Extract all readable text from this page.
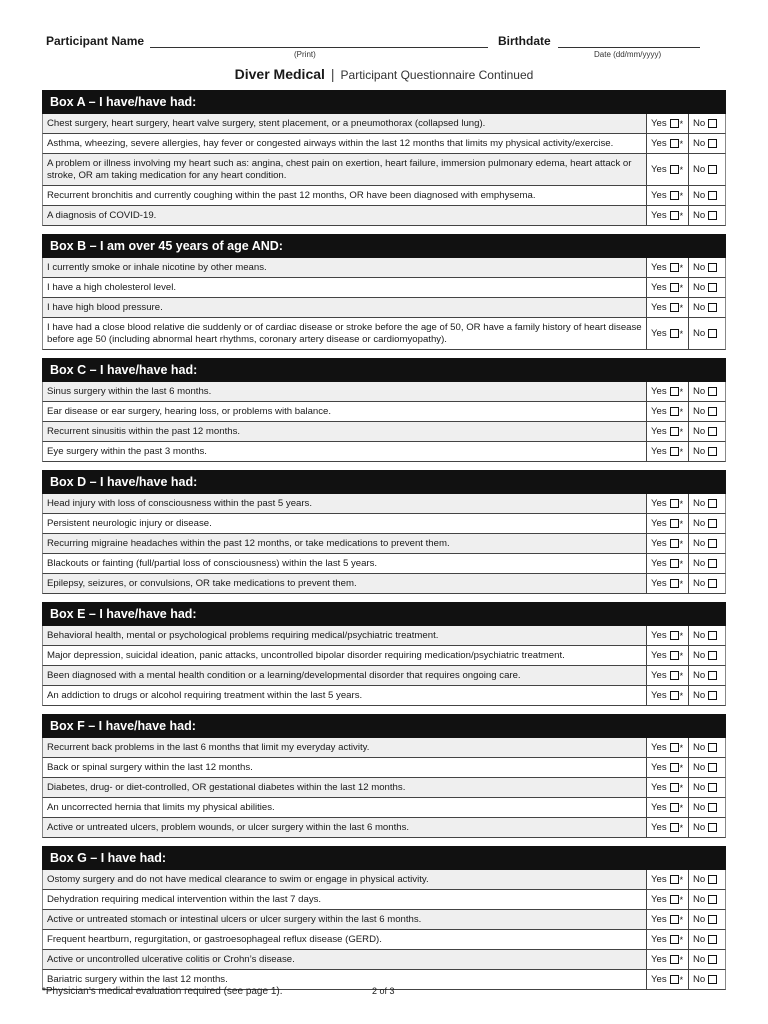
Participant Name
(Print)
Birthdate
Date (dd/mm/yyyy)
Diver Medical | Participant Questionnaire Continued
Box A – I have/have had:
Chest surgery, heart surgery, heart valve surgery, stent placement, or a pneumothorax (collapsed lung).	Yes * No
Asthma, wheezing, severe allergies, hay fever or congested airways within the last 12 months that limits my physical activity/exercise.	Yes * No
A problem or illness involving my heart such as: angina, chest pain on exertion, heart failure, immersion pulmonary edema, heart attack or stroke, OR am taking medication for any heart condition.	Yes * No
Recurrent bronchitis and currently coughing within the past 12 months, OR have been diagnosed with emphysema.	Yes * No
A diagnosis of COVID-19.	Yes * No
Box B – I am over 45 years of age AND:
I currently smoke or inhale nicotine by other means.	Yes * No
I have a high cholesterol level.	Yes * No
I have high blood pressure.	Yes * No
I have had a close blood relative die suddenly or of cardiac disease or stroke before the age of 50, OR have a family history of heart disease before age 50 (including abnormal heart rhythms, coronary artery disease or cardiomyopathy).	Yes * No
Box C – I have/have had:
Sinus surgery within the last 6 months.	Yes * No
Ear disease or ear surgery, hearing loss, or problems with balance.	Yes * No
Recurrent sinusitis within the past 12 months.	Yes * No
Eye surgery within the past 3 months.	Yes * No
Box D – I have/have had:
Head injury with loss of consciousness within the past 5 years.	Yes * No
Persistent neurologic injury or disease.	Yes * No
Recurring migraine headaches within the past 12 months, or take medications to prevent them.	Yes * No
Blackouts or fainting (full/partial loss of consciousness) within the last 5 years.	Yes * No
Epilepsy, seizures, or convulsions, OR take medications to prevent them.	Yes * No
Box E – I have/have had:
Behavioral health, mental or psychological problems requiring medical/psychiatric treatment.	Yes * No
Major depression, suicidal ideation, panic attacks, uncontrolled bipolar disorder requiring medication/psychiatric treatment.	Yes * No
Been diagnosed with a mental health condition or a learning/developmental disorder that requires ongoing care.	Yes * No
An addiction to drugs or alcohol requiring treatment within the last 5 years.	Yes * No
Box F – I have/have had:
Recurrent back problems in the last 6 months that limit my everyday activity.	Yes * No
Back or spinal surgery within the last 12 months.	Yes * No
Diabetes, drug- or diet-controlled, OR gestational diabetes within the last 12 months.	Yes * No
An uncorrected hernia that limits my physical abilities.	Yes * No
Active or untreated ulcers, problem wounds, or ulcer surgery within the last 6 months.	Yes * No
Box G – I have had:
Ostomy surgery and do not have medical clearance to swim or engage in physical activity.	Yes * No
Dehydration requiring medical intervention within the last 7 days.	Yes * No
Active or untreated stomach or intestinal ulcers or ulcer surgery within the last 6 months.	Yes * No
Frequent heartburn, regurgitation, or gastroesophageal reflux disease (GERD).	Yes * No
Active or uncontrolled ulcerative colitis or Crohn’s disease.	Yes * No
Bariatric surgery within the last 12 months.	Yes * No
*Physician’s medical evaluation required (see page 1).	2 of 3
